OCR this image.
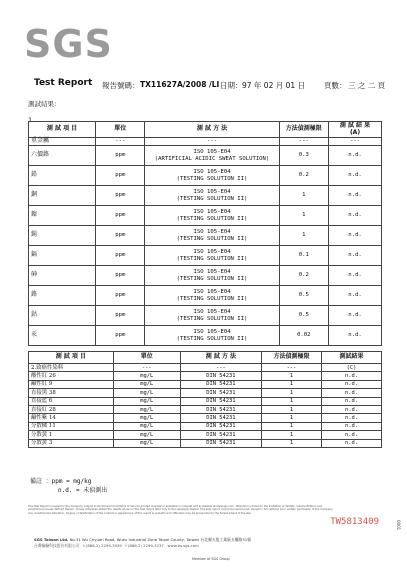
SGS
Test Report 報告號碼： TX11627A/2008 /LI 日期： 97 年 02 月 01 日	頁數： 三 之 二 頁
測試結果：
1.
測 試 項 目	單位	測 試 方 法	方法偵測極限	測 試 結 果
(A)

重金屬	---	---	---	---
六價鉻	ppm	ISO 105-E04
(ARTIFICIAL ACIDIC SWEAT SOLUTION)	0.3	n.d.
鉛	ppm	ISO 105-E04
(TESTING SOLUTION II)	0.2	n.d.
銅	ppm	ISO 105-E04
(TESTING SOLUTION II)	1	n.d.
鎳	ppm	ISO 105-E04
(TESTING SOLUTION II)	1	n.d.
錫	ppm	ISO 105-E04
(TESTING SOLUTION II)	1	n.d.
鎘	ppm	ISO 105-E04
(TESTING SOLUTION II)	0.1	n.d.
砷	ppm	ISO 105-E04
(TESTING SOLUTION II)	0.2	n.d.
鉻	ppm	ISO 105-E04
(TESTING SOLUTION II)	0.5	n.d.
鈷	ppm	ISO 105-E04
(TESTING SOLUTION II)	0.5	n.d.
汞	ppm	ISO 105-E04
(TESTING SOLUTION II)	0.02	n.d.
測 試 項 目	單位	測 試 方 法	方法偵測極限	測試結果
2.致癌性染料	---	---	---	(C)
酸性紅 26	mg/L	DIN 54231	1	n.d.
鹼性紅 9	mg/L	DIN 54231	1	n.d.
直接黑 38	mg/L	DIN 54231	1	n.d.
直接藍 6	mg/L	DIN 54231	1	n.d.
直接紅 28	mg/L	DIN 54231	1	n.d.
鹼性紫 14	mg/L	DIN 54231	1	n.d.
分散橘 11	mg/L	DIN 54231	1	n.d.
分散黃 1	mg/L	DIN 54231	1	n.d.
分散黃 3	mg/L	DIN 54231	1	n.d.
備註 ：ppm = mg/kg
n.d. = 未偵測出
This Test Report is issued by the Company subject to its General Conditions of Service printed overleaf or available on request and accessible at www.sgs.com. Attention is drawn to the limitation of liability, indemnification and jurisdictional issues defined therein. Unless otherwise stated the results shown in this test report refer only to the sample(s) tested. This test report cannot be reproduced, except in full, without prior written permission of the Company. Any unauthorized alteration, forgery or falsification of the content or appearance of this report is unlawful and offenders may be prosecuted to the fullest extent of the law.
TW5813409
SGS Taiwan Ltd. No.31 Wu Chyuan Road, Wuku Industrial Zone Taipei County, Taiwan 台北縣五股工業區五權路31號
台灣檢驗科技股份有限公司 t (886-2) 2299-3939 f (886-2) 2299-3237 www.tw.sgs.com
Member of SGS Group
0001
